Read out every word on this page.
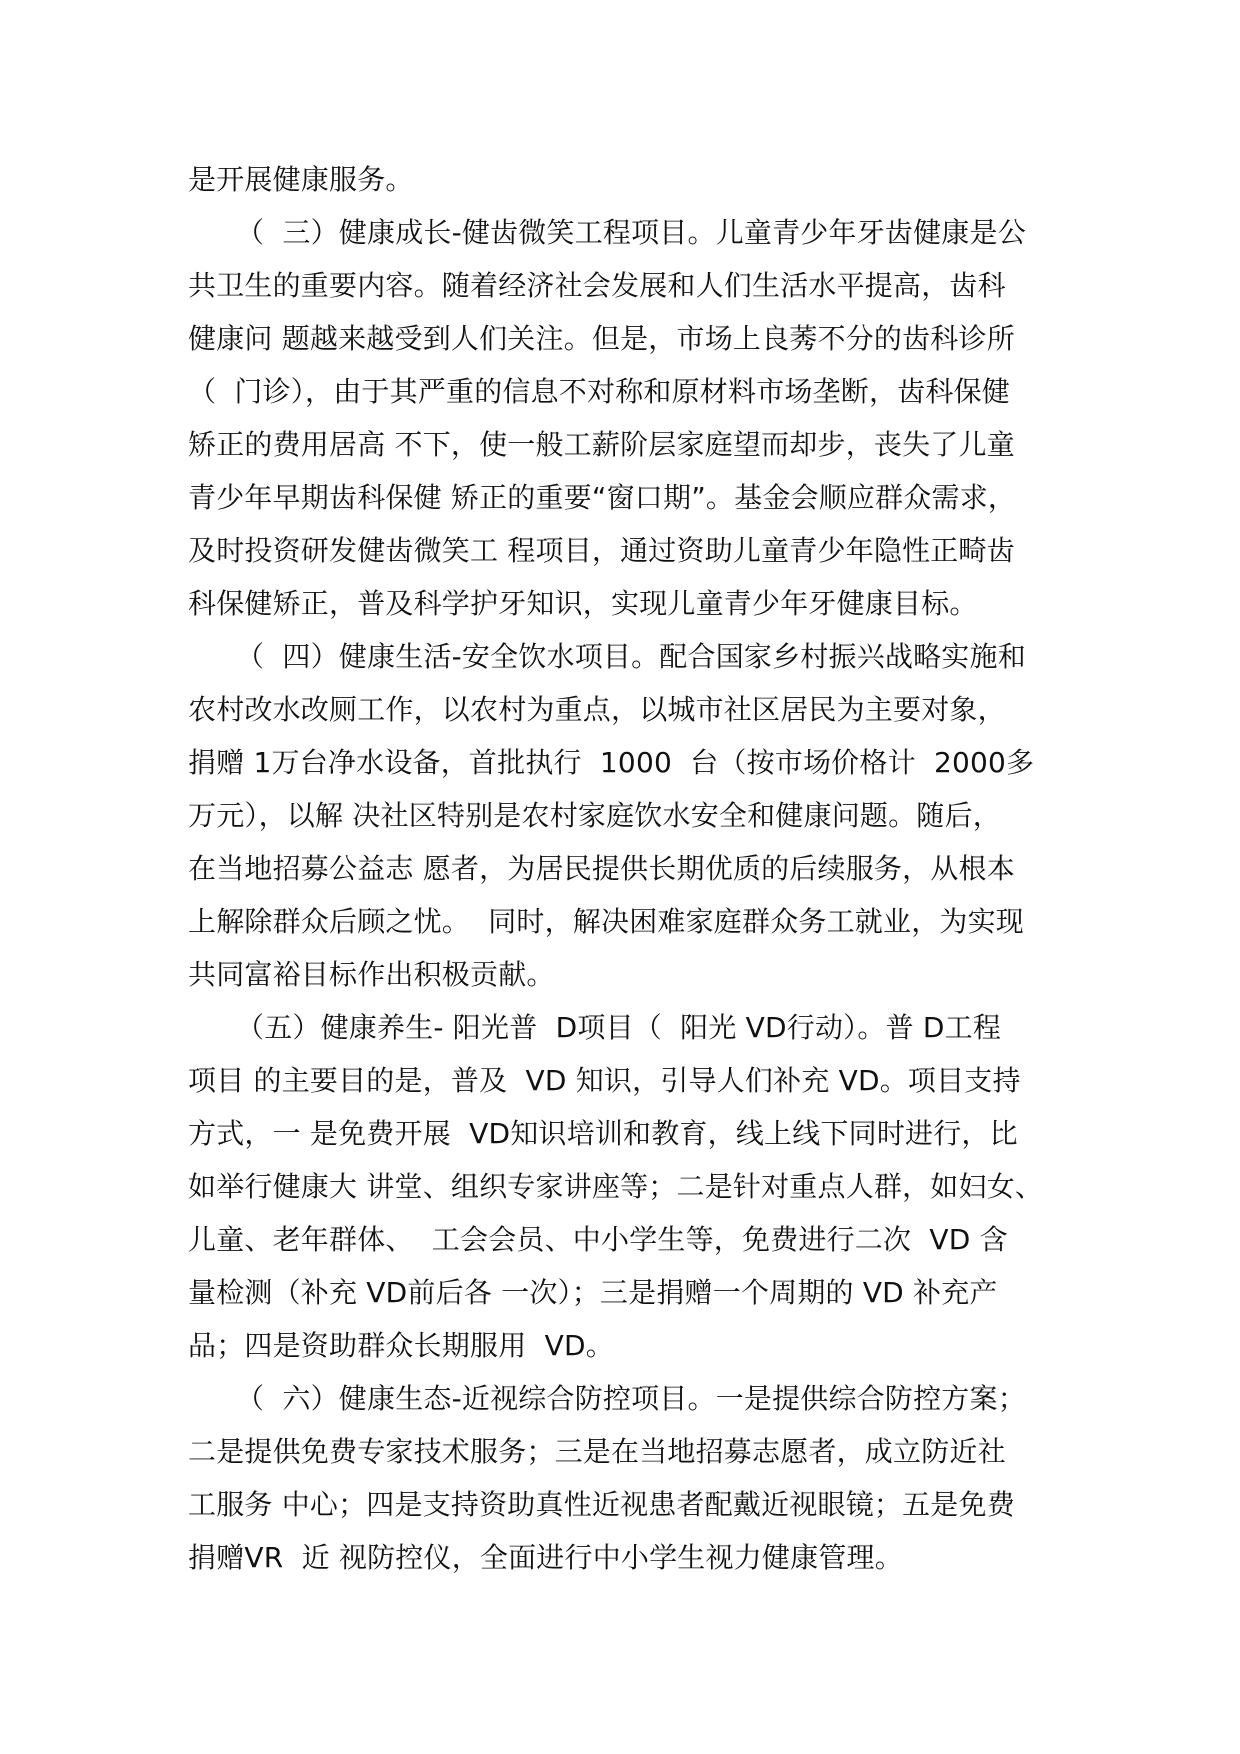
是开展健康服务。
（  三）健康成长-健齿微笑工程项目。儿童青少年牙齿健康是公
共卫生的重要内容。随着经济社会发展和人们生活水平提高，齿科
健康问 题越来越受到人们关注。但是，市场上良莠不分的齿科诊所
（  门诊），由于其严重的信息不对称和原材料市场垄断，齿科保健
矫正的费用居高 不下，使一般工薪阶层家庭望而却步，丧失了儿童
青少年早期齿科保健 矫正的重要“窗口期”。基金会顺应群众需求，
及时投资研发健齿微笑工 程项目，通过资助儿童青少年隐性正畸齿
科保健矫正，普及科学护牙知识，实现儿童青少年牙健康目标。
（  四）健康生活-安全饮水项目。配合国家乡村振兴战略实施和
农村改水改厕工作，以农村为重点，以城市社区居民为主要对象，
捐赠 1万台净水设备，首批执行  1000  台（按市场价格计  2000多
万元），以解 决社区特别是农村家庭饮水安全和健康问题。随后，
在当地招募公益志 愿者，为居民提供长期优质的后续服务，从根本
上解除群众后顾之忧。  同时，解决困难家庭群众务工就业，为实现
共同富裕目标作出积极贡献。
（五）健康养生- 阳光普  D项目（  阳光 VD行动）。普 D工程
项目 的主要目的是，普及  VD 知识，引导人们补充 VD。项目支持
方式，一 是免费开展  VD知识培训和教育，线上线下同时进行，比
如举行健康大 讲堂、组织专家讲座等；二是针对重点人群，如妇女、
儿童、老年群体、  工会会员、中小学生等，免费进行二次  VD 含
量检测（补充 VD前后各 一次）；三是捐赠一个周期的 VD 补充产
品；四是资助群众长期服用  VD。
（  六）健康生态-近视综合防控项目。一是提供综合防控方案；
二是提供免费专家技术服务；三是在当地招募志愿者，成立防近社
工服务 中心；四是支持资助真性近视患者配戴近视眼镜；五是免费
捐赠VR  近 视防控仪，全面进行中小学生视力健康管理。
